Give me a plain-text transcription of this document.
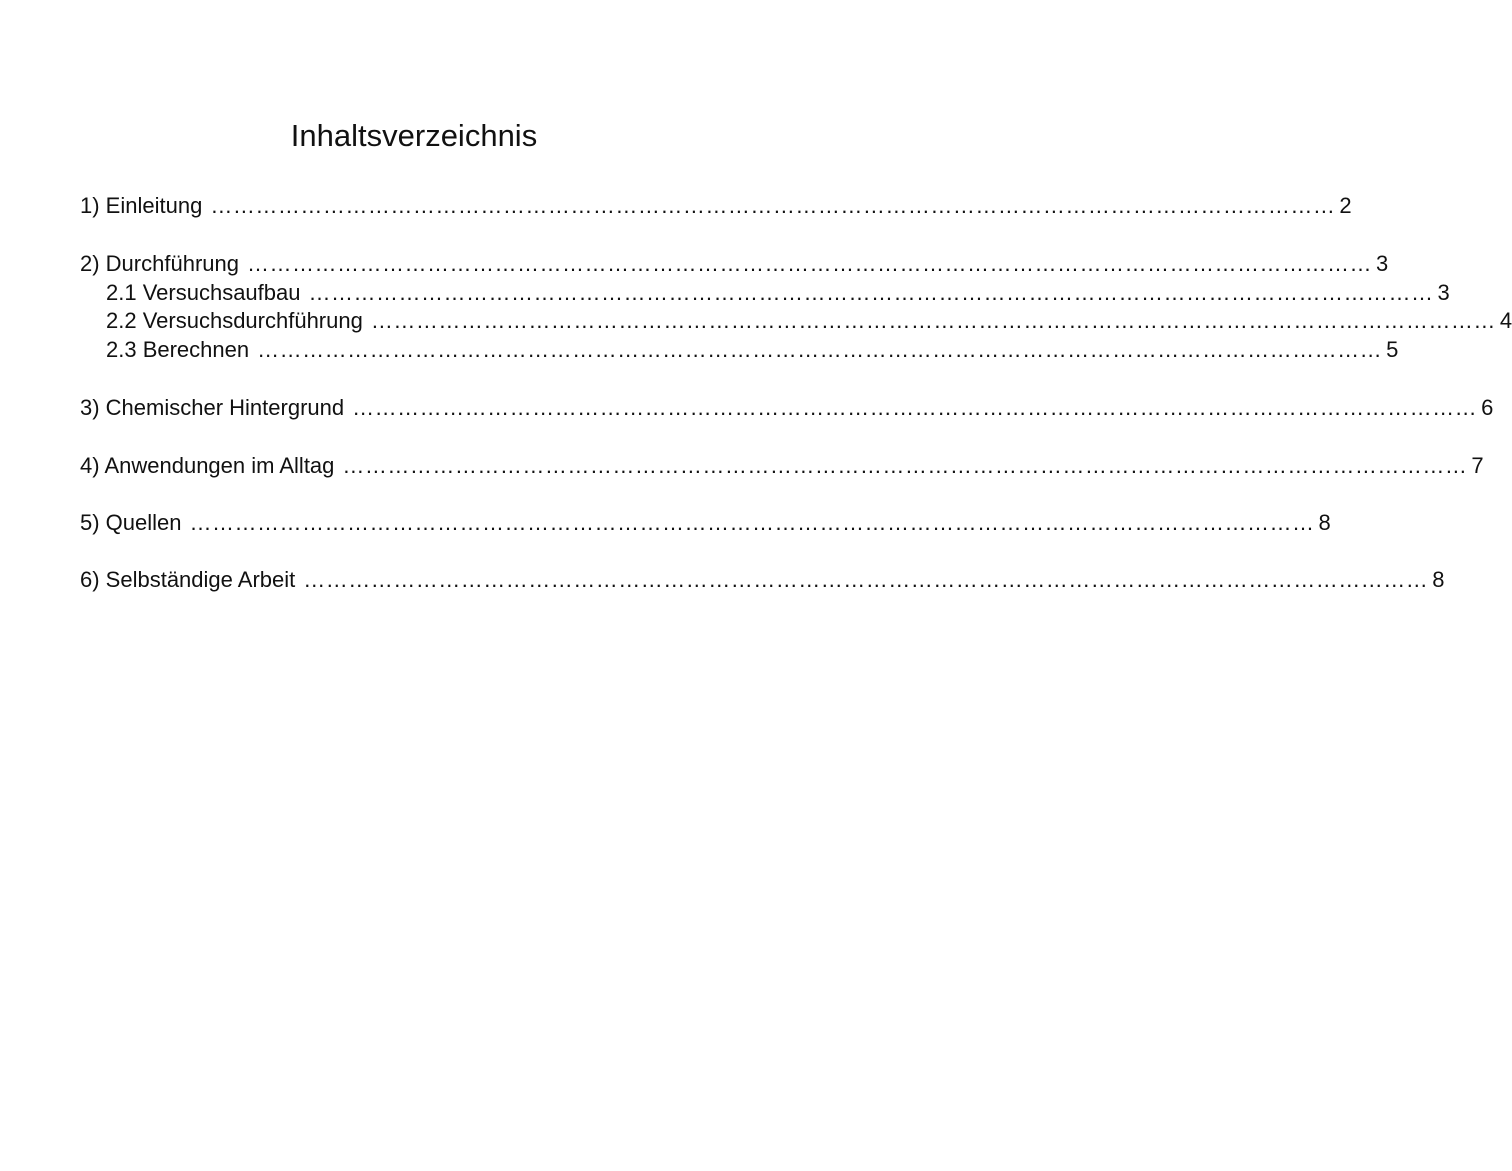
Inhaltsverzeichnis
1) Einleitung …………………………………………………………………………………………………………………………………… 2
2) Durchführung …………………………………………………………………………………………………………………………………… 3
2.1 Versuchsaufbau …………………………………………………………………………………………………………………………………… 3
2.2 Versuchsdurchführung …………………………………………………………………………………………………………………………………… 4
2.3 Berechnen …………………………………………………………………………………………………………………………………… 5
3) Chemischer Hintergrund …………………………………………………………………………………………………………………………………… 6
4) Anwendungen im Alltag …………………………………………………………………………………………………………………………………… 7
5) Quellen …………………………………………………………………………………………………………………………………… 8
6) Selbständige Arbeit …………………………………………………………………………………………………………………………………… 8
